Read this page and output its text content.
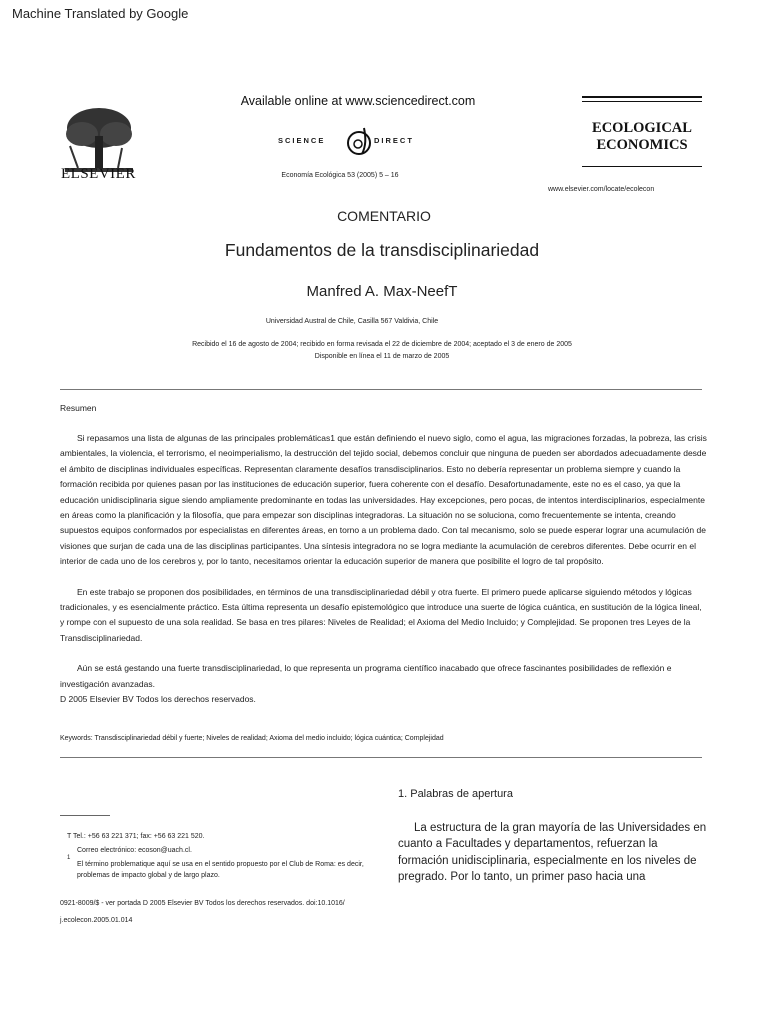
Machine Translated by Google
ELSEVIER
Available online at www.sciencedirect.com
SCIENCE	DIRECT
Economía Ecológica 53 (2005) 5 – 16
ECOLOGICAL
ECONOMICS
www.elsevier.com/locate/ecolecon
COMENTARIO
Fundamentos de la transdisciplinariedad
Manfred A. Max-NeefT
Universidad Austral de Chile, Casilla 567 Valdivia, Chile
Recibido el 16 de agosto de 2004; recibido en forma revisada el 22 de diciembre de 2004; aceptado el 3 de enero de 2005
Disponible en línea el 11 de marzo de 2005
Resumen

Si repasamos una lista de algunas de las principales problemáticas1 que están definiendo el nuevo siglo, como el agua, las migraciones forzadas, la pobreza, las crisis ambientales, la violencia, el terrorismo, el neoimperialismo, la destrucción del tejido social, debemos concluir que ninguna de pueden ser abordados adecuadamente desde el ámbito de disciplinas individuales específicas. Representan claramente desafíos transdisciplinarios. Esto no debería representar un problema siempre y cuando la formación recibida por quienes pasan por las instituciones de educación superior, fuera coherente con el desafío. Desafortunadamente, este no es el caso, ya que la educación unidisciplinaria sigue siendo ampliamente predominante en todas las universidades. Hay excepciones, pero pocas, de intentos interdisciplinarios, especialmente en áreas como la planificación y la filosofía, que para empezar son disciplinas integradoras. La situación no se soluciona, como frecuentemente se intenta, creando supuestos equipos conformados por especialistas en diferentes áreas, en torno a un problema dado. Con tal mecanismo, solo se puede esperar lograr una acumulación de visiones que surjan de cada una de las disciplinas participantes. Una síntesis integradora no se logra mediante la acumulación de cerebros diferentes. Debe ocurrir en el interior de cada uno de los cerebros y, por lo tanto, necesitamos orientar la educación superior de manera que posibilite el logro de tal propósito.

En este trabajo se proponen dos posibilidades, en términos de una transdisciplinariedad débil y otra fuerte. El primero puede aplicarse siguiendo métodos y lógicas tradicionales, y es esencialmente práctico. Esta última representa un desafío epistemológico que introduce una suerte de lógica cuántica, en sustitución de la lógica lineal, y rompe con el supuesto de una sola realidad. Se basa en tres pilares: Niveles de Realidad; el Axioma del Medio Incluido; y Complejidad. Se proponen tres Leyes de la Transdisciplinariedad.

Aún se está gestando una fuerte transdisciplinariedad, lo que representa un programa científico inacabado que ofrece fascinantes posibilidades de reflexión e investigación avanzadas.

D 2005 Elsevier BV Todos los derechos reservados.

Keywords: Transdisciplinariedad débil y fuerte; Niveles de realidad; Axioma del medio incluido; lógica cuántica; Complejidad
1. Palabras de apertura
La estructura de la gran mayoría de las Universidades en cuanto a Facultades y departamentos, refuerzan la formación unidisciplinaria, especialmente en los niveles de pregrado. Por lo tanto, un primer paso hacia una
T Tel.: +56 63 221 371; fax: +56 63 221 520.
Correo electrónico: ecoson@uach.cl.
1
El término problematique aquí se usa en el sentido propuesto por el Club de Roma: es decir, problemas de impacto global y de largo plazo.
0921-8009/$ - ver portada D 2005 Elsevier BV Todos los derechos reservados. doi:10.1016/ j.ecolecon.2005.01.014
